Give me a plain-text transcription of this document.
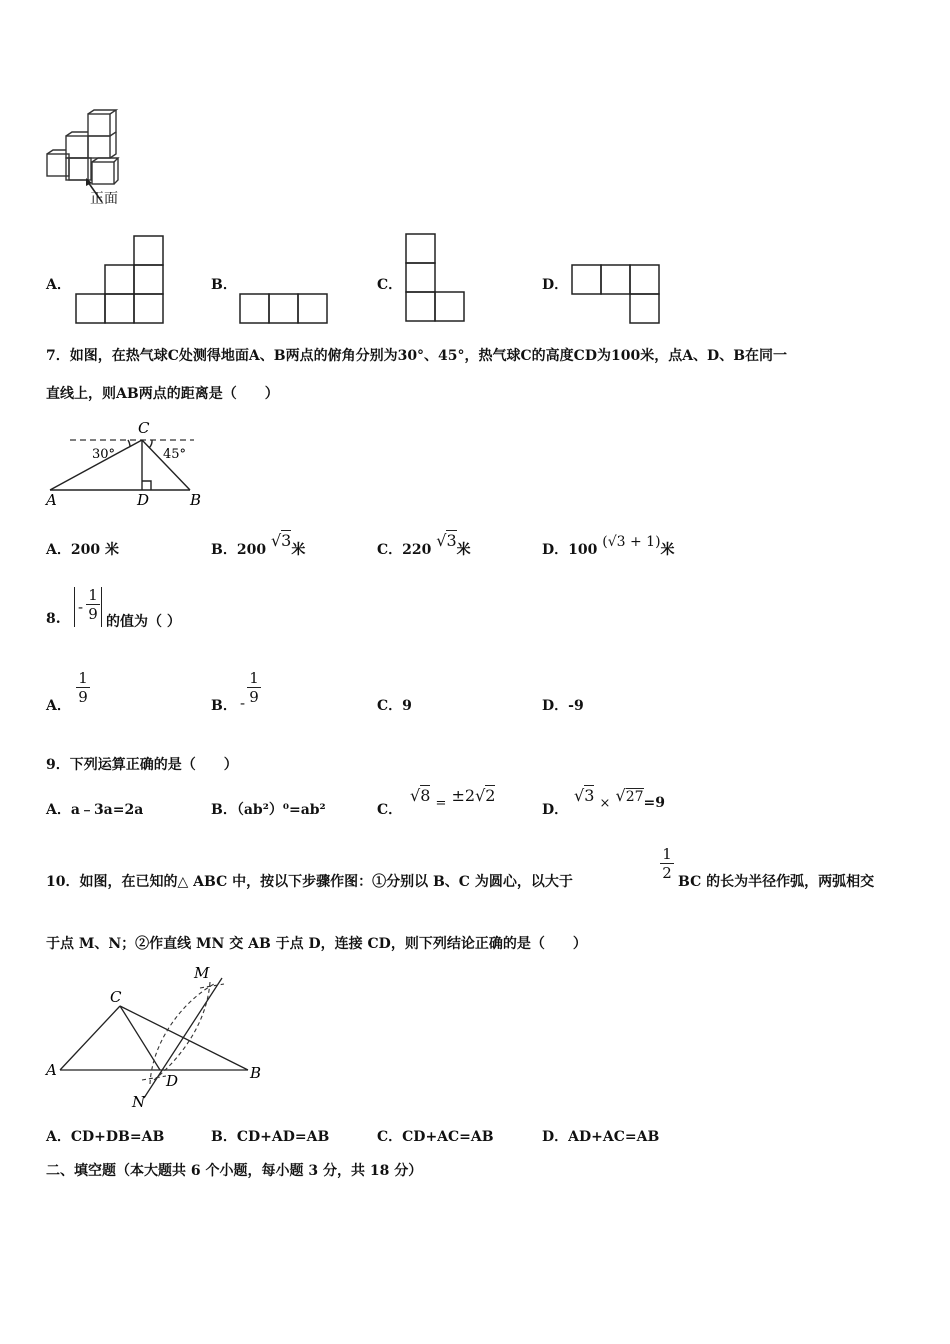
正面
A．	B．	C．	D．
7．如图，在热气球C处测得地面A、B两点的俯角分别为30°、45°，热气球C的高度CD为100米，点A、D、B在同一
直线上，则AB两点的距离是（　　）
C
30°	45°
A	D	B
A．200 米	B．200 √3米	C．220 √3米	D．100 (√3 + 1)米
8.
-
1
9 的值为（ ）
A．
1
9	B． -
1
9	C．9	D．-9
9．下列运算正确的是（　　）
A．a﹣3a=2a	B．（ab²）⁰=ab²	C．
√8 $_=$ ±2√2
D．
√3 $_\times$ √27=9
10．如图，在已知的△ ABC 中，按以下步骤作图：①分别以 B、C 为圆心，以大于
1
2 BC 的长为半径作弧，两弧相交
于点 M、N；②作直线 MN 交 AB 于点 D，连接 CD，则下列结论正确的是（　　）
M
C
A	B
D
N
A．CD+DB=AB	B．CD+AD=AB	C．CD+AC=AB	D．AD+AC=AB
二、填空题（本大题共 6 个小题，每小题 3 分，共 18 分）
